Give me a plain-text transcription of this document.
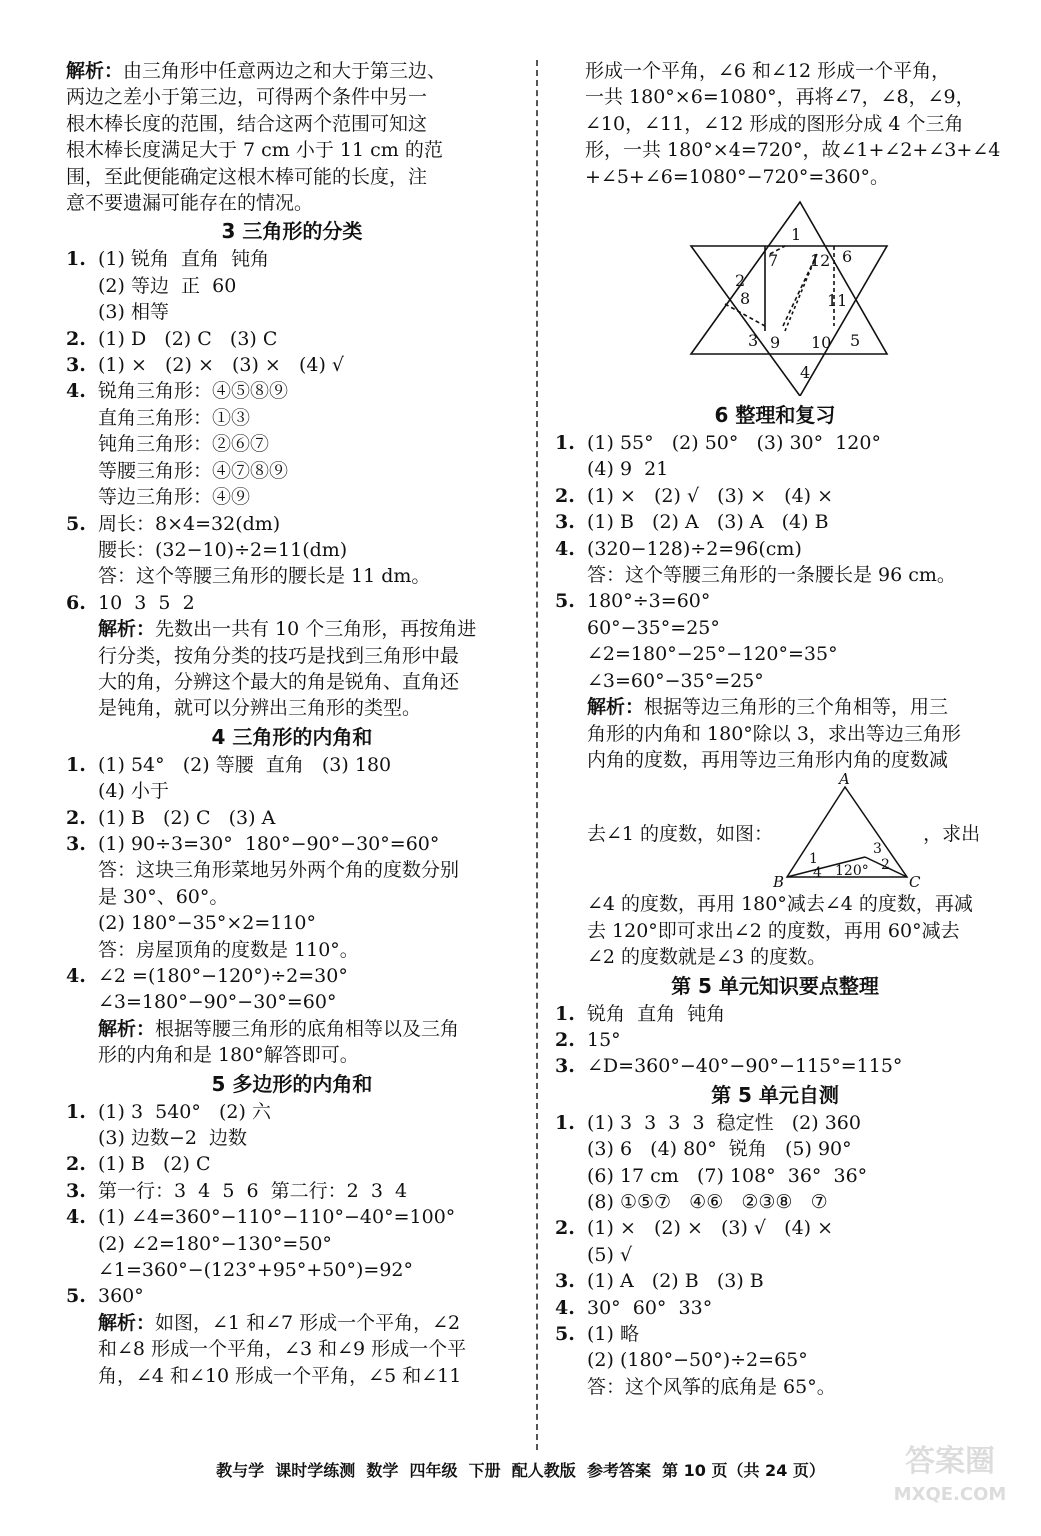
解析：由三角形中任意两边之和大于第三边、
两边之差小于第三边，可得两个条件中另一
根木棒长度的范围，结合这两个范围可知这
根木棒长度满足大于 7 cm 小于 11 cm 的范
围，至此便能确定这根木棒可能的长度，注
意不要遗漏可能存在的情况。
3 三角形的分类
1. (1) 锐角  直角  钝角
(2) 等边  正  60
(3) 相等
2. (1) D   (2) C   (3) C
3. (1) ×   (2) ×   (3) ×   (4) √
4. 锐角三角形：④⑤⑧⑨
直角三角形：①③
钝角三角形：②⑥⑦
等腰三角形：④⑦⑧⑨
等边三角形：④⑨
5. 周长：8×4=32(dm)
腰长：(32−10)÷2=11(dm)
答：这个等腰三角形的腰长是 11 dm。
6. 10  3  5  2
解析：先数出一共有 10 个三角形，再按角进
行分类，按角分类的技巧是找到三角形中最
大的角，分辨这个最大的角是锐角、直角还
是钝角，就可以分辨出三角形的类型。
4 三角形的内角和
1. (1) 54°   (2) 等腰  直角   (3) 180
(4) 小于
2. (1) B   (2) C   (3) A
3. (1) 90÷3=30°  180°−90°−30°=60°
答：这块三角形菜地另外两个角的度数分别
是 30°、60°。
(2) 180°−35°×2=110°
答：房屋顶角的度数是 110°。
4. ∠2 =(180°−120°)÷2=30°
∠3=180°−90°−30°=60°
解析：根据等腰三角形的底角相等以及三角
形的内角和是 180°解答即可。
5 多边形的内角和
1. (1) 3  540°   (2) 六
(3) 边数−2  边数
2. (1) B   (2) C
3. 第一行：3  4  5  6  第二行：2  3  4
4. (1) ∠4=360°−110°−110°−40°=100°
(2) ∠2=180°−130°=50°
∠1=360°−(123°+95°+50°)=92°
5. 360°
解析：如图，∠1 和∠7 形成一个平角，∠2
和∠8 形成一个平角，∠3 和∠9 形成一个平
角，∠4 和∠10 形成一个平角，∠5 和∠11
形成一个平角，∠6 和∠12 形成一个平角，
一共 180°×6=1080°，再将∠7，∠8，∠9，
∠10，∠11，∠12 形成的图形分成 4 个三角
形，一共 180°×4=720°，故∠1+∠2+∠3+∠4
+∠5+∠6=1080°−720°=360°。
1
2
3
4
5
6
7
8
9 10
11
12
6 整理和复习
1. (1) 55°   (2) 50°   (3) 30°  120°
(4) 9  21
2. (1) ×   (2) √   (3) ×   (4) ×
3. (1) B   (2) A   (3) A   (4) B
4. (320−128)÷2=96(cm)
答：这个等腰三角形的一条腰长是 96 cm。
5. 180°÷3=60°
60°−35°=25°
∠2=180°−25°−120°=35°
∠3=60°−35°=25°
解析：根据等边三角形的三个角相等，用三
角形的内角和 180°除以 3，求出等边三角形
内角的度数，再用等边三角形内角的度数减
去∠1 的度数，如图：
A
B	C
1
4
3
2
120°
，求出
∠4 的度数，再用 180°减去∠4 的度数，再减
去 120°即可求出∠2 的度数，再用 60°减去
∠2 的度数就是∠3 的度数。
第 5 单元知识要点整理
1. 锐角  直角  钝角
2. 15°
3. ∠D=360°−40°−90°−115°=115°
第 5 单元自测
1. (1) 3  3  3  3  稳定性   (2) 360
(3) 6   (4) 80°  锐角   (5) 90°
(6) 17 cm   (7) 108°  36°  36°
(8) ①⑤⑦   ④⑥   ②③⑧   ⑦
2. (1) ×   (2) ×   (3) √   (4) ×
(5) √
3. (1) A   (2) B   (3) B
4. 30°  60°  33°
5. (1) 略
(2) (180°−50°)÷2=65°
答：这个风筝的底角是 65°。
教与学  课时学练测  数学  四年级  下册  配人教版  参考答案  第 10 页（共 24 页）	答案圈
MXQE.COM
